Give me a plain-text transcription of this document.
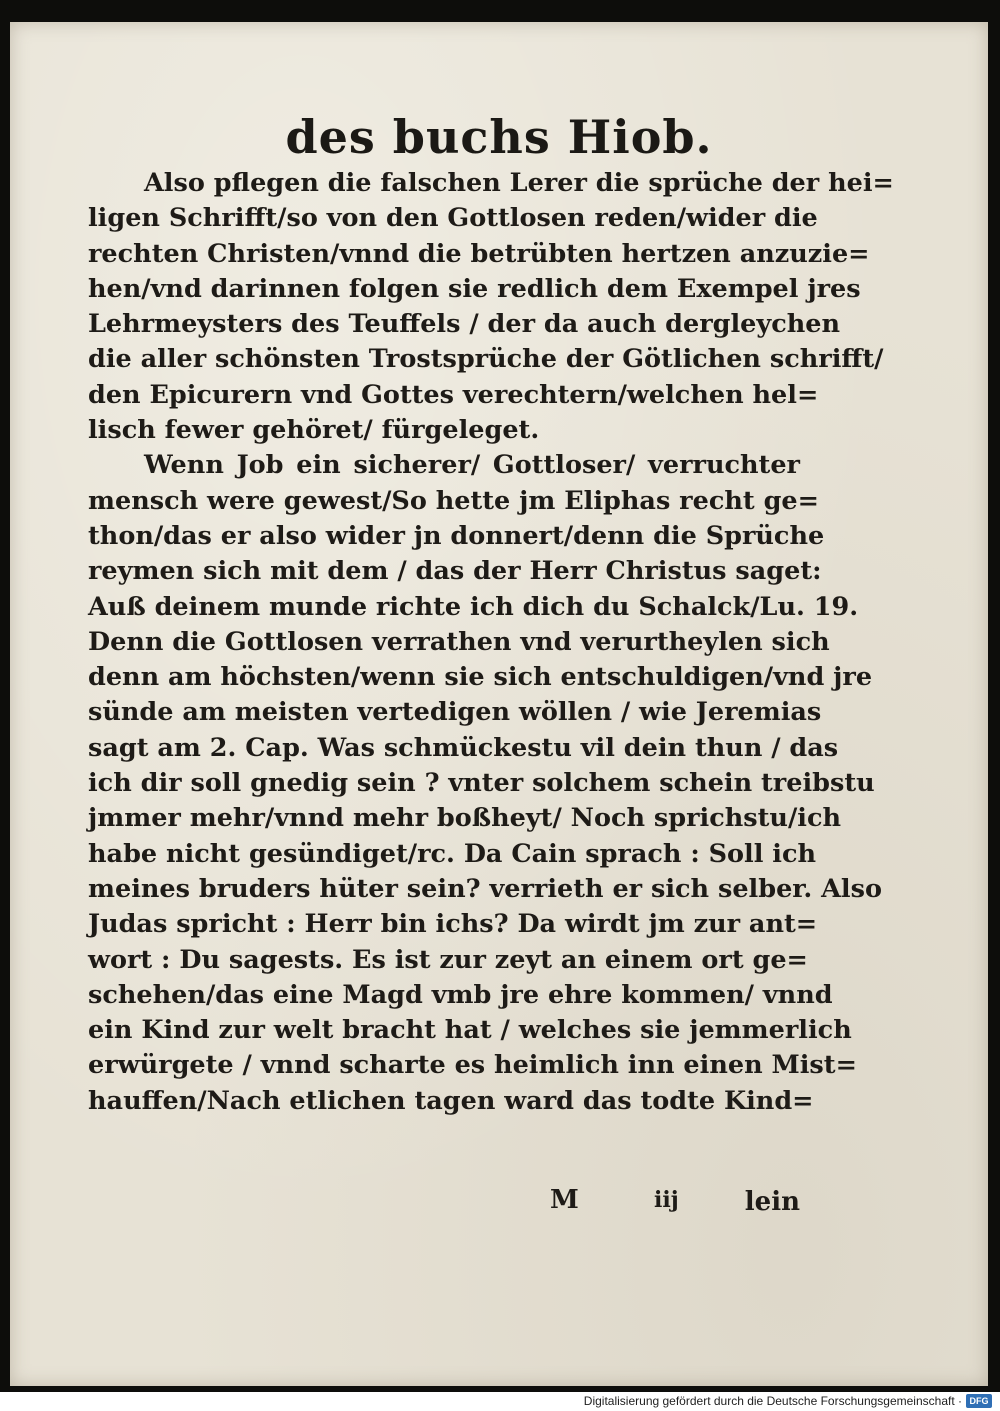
des buchs Hiob.
Also pflegen die falschen Lerer die sprüche der hei=
ligen Schrifft/so von den Gottlosen reden/wider die
rechten Christen/vnnd die betrübten hertzen anzuzie=
hen/vnd darinnen folgen sie redlich dem Exempel jres
Lehrmeysters des Teuffels / der da auch dergleychen
die aller schönsten Trostsprüche der Götlichen schrifft/
den Epicurern vnd Gottes verechtern/welchen hel=
lisch fewer gehöret/ fürgeleget.
Wenn Job ein sicherer/ Gottloser/ verruchter
mensch were gewest/So hette jm Eliphas recht ge=
thon/das er also wider jn donnert/denn die Sprüche
reymen sich mit dem / das der Herr Christus saget:
Auß deinem munde richte ich dich du Schalck/Lu. 19.
Denn die Gottlosen verrathen vnd verurtheylen sich
denn am höchsten/wenn sie sich entschuldigen/vnd jre
sünde am meisten vertedigen wöllen / wie Jeremias
sagt am 2. Cap. Was schmückestu vil dein thun / das
ich dir soll gnedig sein ? vnter solchem schein treibstu
jmmer mehr/vnnd mehr boßheyt/ Noch sprichstu/ich
habe nicht gesündiget/rc. Da Cain sprach : Soll ich
meines bruders hüter sein? verrieth er sich selber. Also
Judas spricht : Herr bin ichs? Da wirdt jm zur ant=
wort : Du sagests. Es ist zur zeyt an einem ort ge=
schehen/das eine Magd vmb jre ehre kommen/ vnnd
ein Kind zur welt bracht hat / welches sie jemmerlich
erwürgete / vnnd scharte es heimlich inn einen Mist=
hauffen/Nach etlichen tagen ward das todte Kind=
M	iij	lein
Digitalisierung gefördert durch die Deutsche Forschungsgemeinschaft · DFG
